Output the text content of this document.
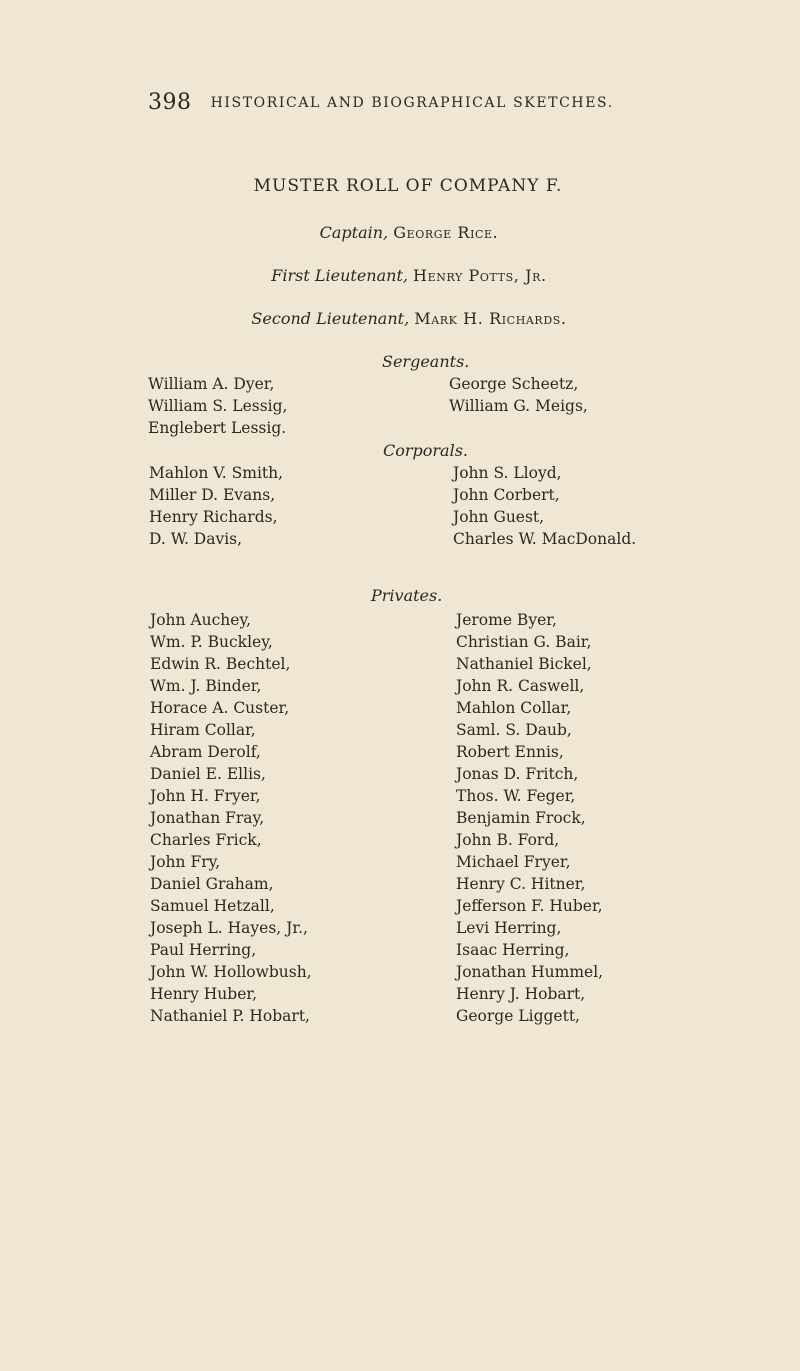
398 HISTORICAL AND BIOGRAPHICAL SKETCHES.
MUSTER ROLL OF COMPANY F.
Captain, George Rice.
First Lieutenant, Henry Potts, Jr.
Second Lieutenant, Mark H. Richards.
Sergeants.
William A. Dyer,
William S. Lessig,
Englebert Lessig.
George Scheetz,
William G. Meigs,
Corporals.
Mahlon V. Smith,
Miller D. Evans,
Henry Richards,
D. W. Davis,
John S. Lloyd,
John Corbert,
John Guest,
Charles W. MacDonald.
Privates.
John Auchey,
Wm. P. Buckley,
Edwin R. Bechtel,
Wm. J. Binder,
Horace A. Custer,
Hiram Collar,
Abram Derolf,
Daniel E. Ellis,
John H. Fryer,
Jonathan Fray,
Charles Frick,
John Fry,
Daniel Graham,
Samuel Hetzall,
Joseph L. Hayes, Jr.,
Paul Herring,
John W. Hollowbush,
Henry Huber,
Nathaniel P. Hobart,
Jerome Byer,
Christian G. Bair,
Nathaniel Bickel,
John R. Caswell,
Mahlon Collar,
Saml. S. Daub,
Robert Ennis,
Jonas D. Fritch,
Thos. W. Feger,
Benjamin Frock,
John B. Ford,
Michael Fryer,
Henry C. Hitner,
Jefferson F. Huber,
Levi Herring,
Isaac Herring,
Jonathan Hummel,
Henry J. Hobart,
George Liggett,
